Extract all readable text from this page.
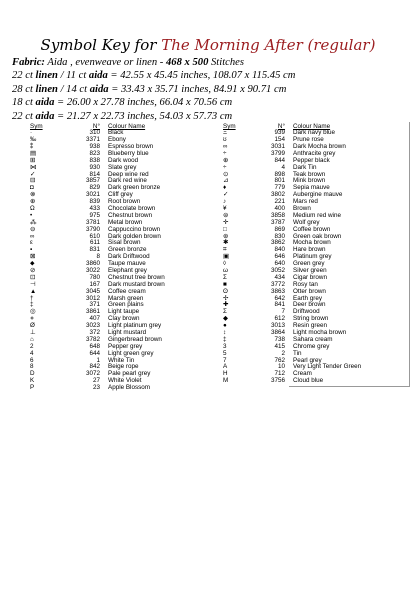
Symbol Key for The Morning After (regular)
Fabric: Aida , evenweave or linen - 468 x 500 Stitches
22 ct linen / 11 ct aida = 42.55 x 45.45 inches, 108.07 x 115.45 cm
28 ct linen / 14 ct aida = 33.43 x 35.71 inches, 84.91 x 90.71 cm
18 ct aida = 26.00 x 27.78 inches, 66.04 x 70.56 cm
22 ct aida = 21.27 x 22.73 inches, 54.03 x 57.73 cm
Sym	N° Colour Name
·	310 Black
‰	3371 Ebony
⁑	938 Espresso brown
▤	823 Blueberry blue
⊞	838 Dark wood
⋈	930 Slate grey
✓	814 Deep wine red
⊟	3857 Dark red wine
◘	829 Dark green bronze
⊗	3021 Cliff grey
⊕	839 Root brown
Ω	433 Chocolate brown
•	975 Chestnut brown
⁂	3781 Metal brown
⊖	3790 Cappuccino brown
∞	610 Dark golden brown
ε	611 Sisal brown
▪	831 Green bronze
⊠	8 Dark Driftwood
⬥	3860 Taupe mauve
⊘	3022 Elephant grey
⊡	780 Chestnut tree brown
⊣	167 Dark mustard brown
▲	3045 Coffee cream
†	3012 Marsh green
‡	371 Green plains
◎	3861 Light taupe
⋄	407 Clay brown
Ø	3023 Light platinum grey
⊥	372 Light mustard
⌂	3782 Gingerbread brown
2	648 Pepper grey
4	644 Light green grey
6	1 White Tin
8	842 Beige rope
D	3072 Pale pearl grey
K	27 White Violet
P	23 Apple Blossom
Sym	N° Colour Name
Ξ	939 Dark navy blue
ʊ	154 Prune rose
∞	3031 Dark Mocha brown
÷	3799 Anthracite grey
⊕	844 Pepper black
÷	4 Dark Tin
⊙	898 Teak brown
⊿	801 Mink brown
♦	779 Sepia mauve
✓	3802 Aubergine mauve
♪	221 Mars red
¥	400 Brown
⊜	3858 Medium red wine
✛	3787 Wolf grey
□	869 Coffee brown
⊛	830 Green oak brown
✱	3862 Mocha brown
⌗	840 Hare brown
▣	646 Platinum grey
◊	640 Green grey
ω	3052 Silver green
Σ	434 Cigar brown
■	3772 Rosy tan
ʘ	3863 Otter brown
✢	642 Earth grey
✚	841 Deer brown
Σ	7 Driftwood
◆	612 String brown
●	3013 Resin green
↕	3864 Light mocha brown
‡	738 Sahara cream
3	415 Chrome grey
5	2 Tin
7	762 Pearl grey
A	10 Very Light Tender Green
H	712 Cream
M	3756 Cloud blue
